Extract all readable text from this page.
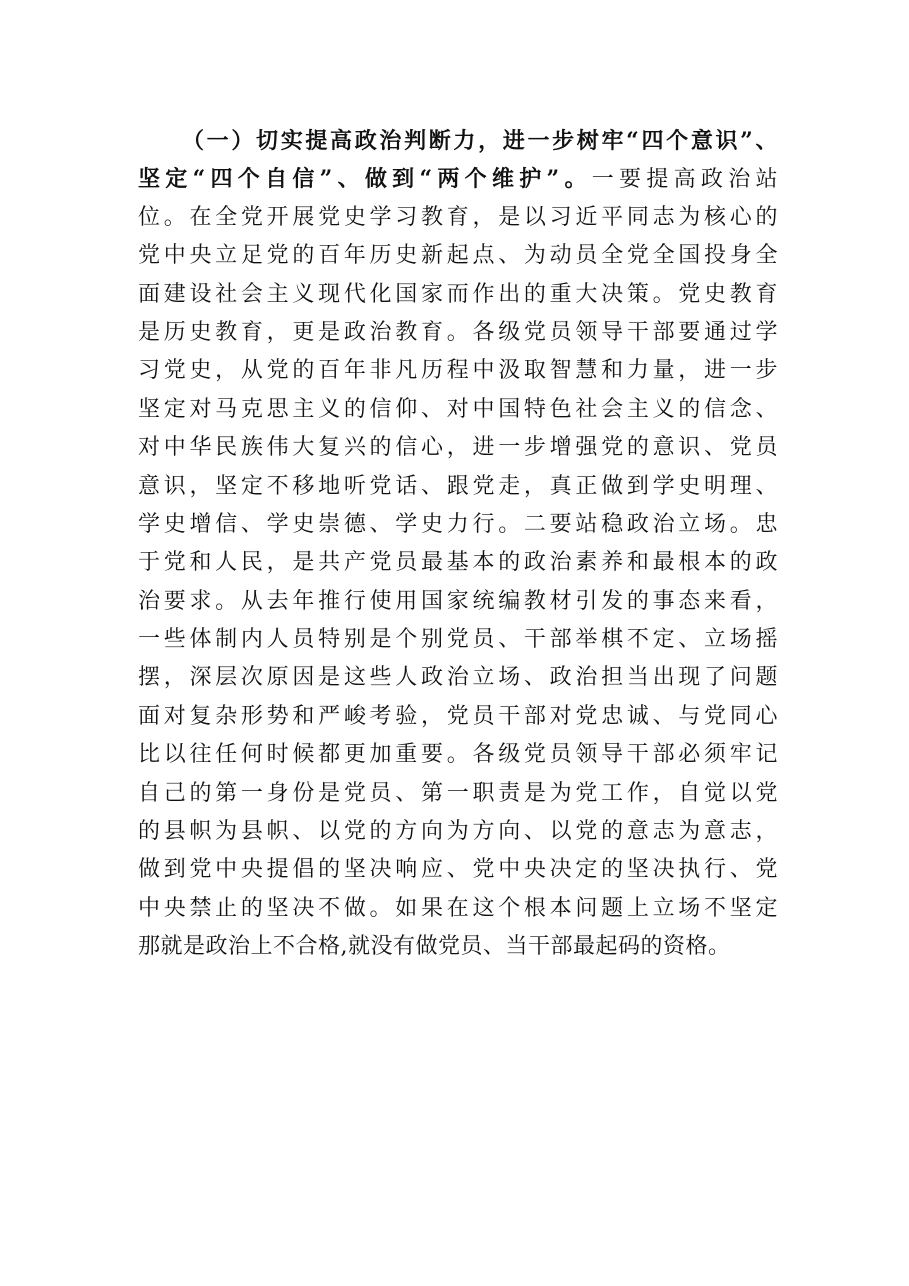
（一）切实提高政治判断力，进一步树牢“四个意识”、
坚定“四个自信”、做到“两个维护”。一要提高政治站
位。在全党开展党史学习教育，是以习近平同志为核心的
党中央立足党的百年历史新起点、为动员全党全国投身全
面建设社会主义现代化国家而作出的重大决策。党史教育
是历史教育，更是政治教育。各级党员领导干部要通过学
习党史，从党的百年非凡历程中汲取智慧和力量，进一步
坚定对马克思主义的信仰、对中国特色社会主义的信念、
对中华民族伟大复兴的信心，进一步增强党的意识、党员
意识，坚定不移地听党话、跟党走，真正做到学史明理、
学史增信、学史崇德、学史力行。二要站稳政治立场。忠
于党和人民，是共产党员最基本的政治素养和最根本的政
治要求。从去年推行使用国家统编教材引发的事态来看，
一些体制内人员特别是个别党员、干部举棋不定、立场摇
摆，深层次原因是这些人政治立场、政治担当出现了问题
面对复杂形势和严峻考验，党员干部对党忠诚、与党同心
比以往任何时候都更加重要。各级党员领导干部必须牢记
自己的第一身份是党员、第一职责是为党工作，自觉以党
的县帜为县帜、以党的方向为方向、以党的意志为意志，
做到党中央提倡的坚决响应、党中央决定的坚决执行、党
中央禁止的坚决不做。如果在这个根本问题上立场不坚定
那就是政治上不合格,就没有做党员、当干部最起码的资格。
